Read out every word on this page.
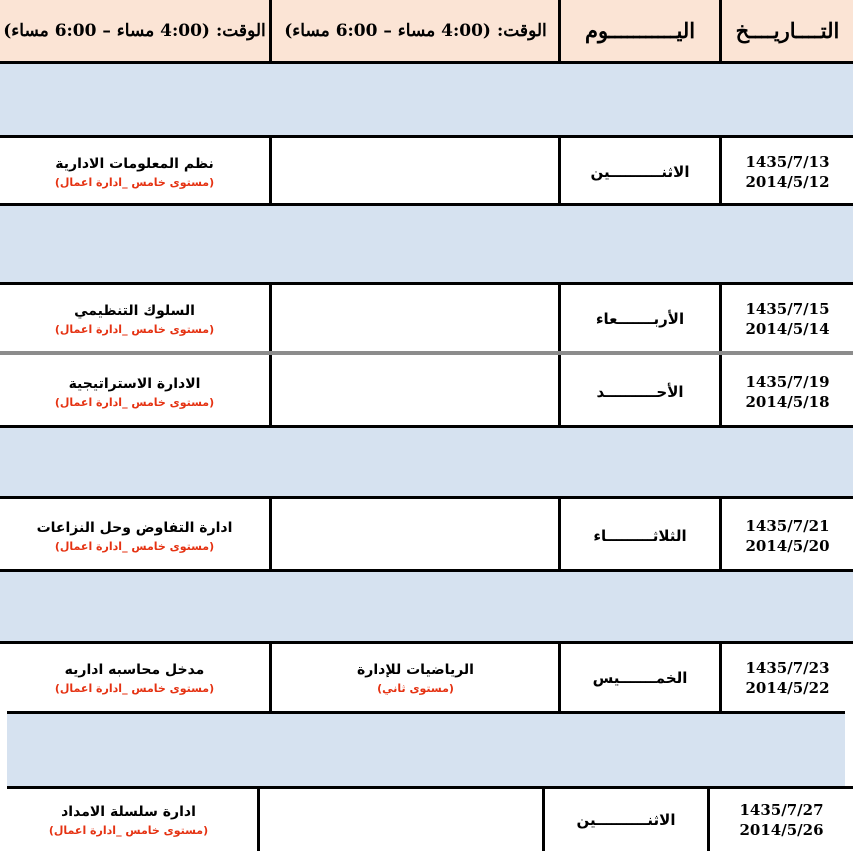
التــــاريــــخ
اليـــــــــــوم
الوقت:
(4:00 مساء – 6:00 مساء)
الوقت:
(4:00 مساء – 6:00 مساء)
1435/7/13
2014/5/12
الاثنــــــــــين
نظم المعلومات الادارية
(مستوى خامس _ادارة اعمال)
1435/7/15
2014/5/14
الأربـــــــعاء
السلوك التنظيمي
(مستوى خامس _ادارة اعمال)
1435/7/19
2014/5/18
الأحــــــــــد
الادارة الاستراتيجية
(مستوى خامس _ادارة اعمال)
1435/7/21
2014/5/20
الثلاثـــــــــاء
ادارة التفاوض وحل النزاعات
(مستوى خامس _ادارة اعمال)
1435/7/23
2014/5/22
الخمـــــــيس
الرياضيات للإدارة
(مستوى ثاني)
مدخل محاسبه اداريه
(مستوى خامس _ادارة اعمال)
1435/7/27
2014/5/26
الاثنــــــــــين
ادارة سلسلة الامداد
(مستوى خامس _ادارة اعمال)
